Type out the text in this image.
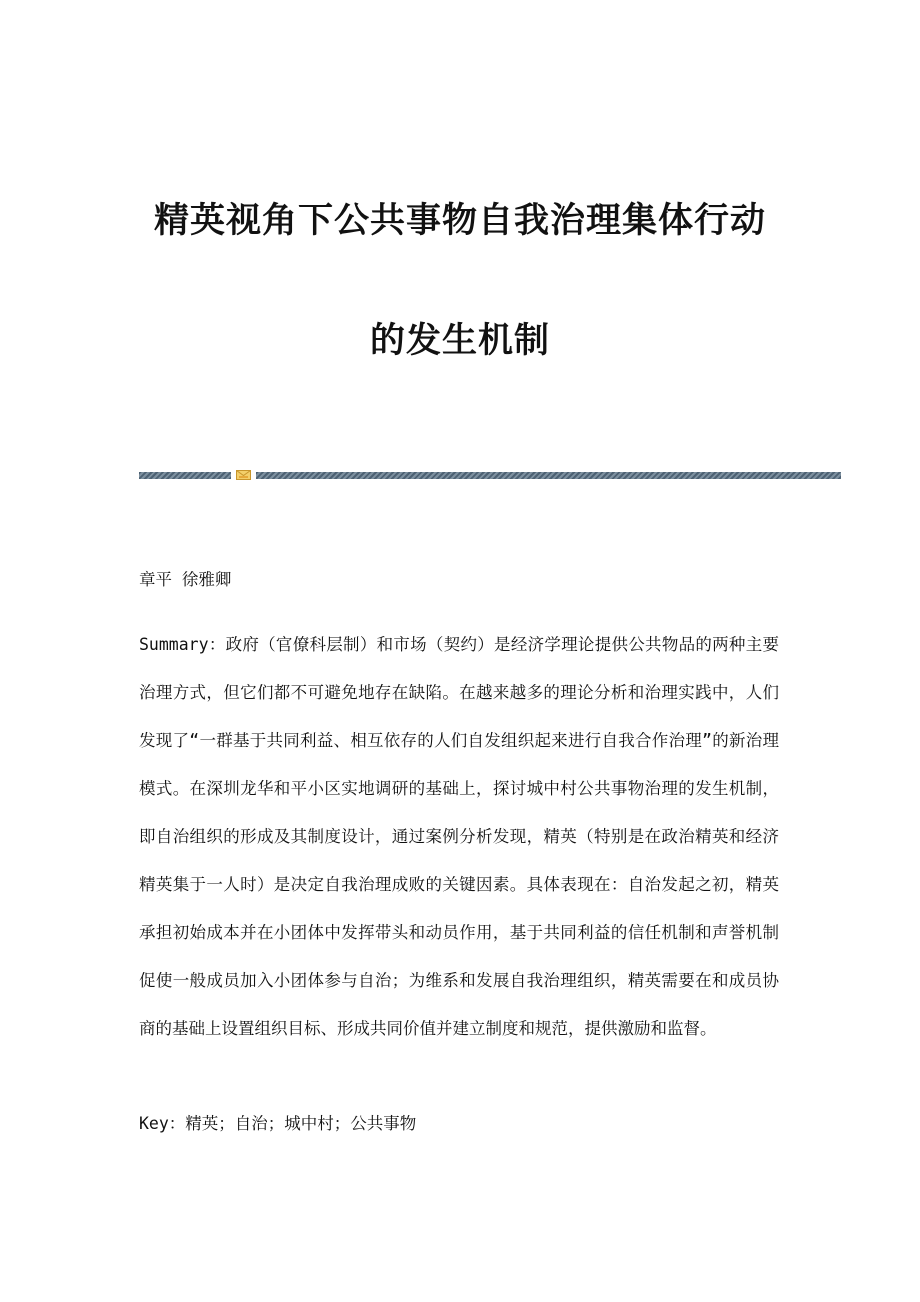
精英视角下公共事物自我治理集体行动
的发生机制
章平 徐雅卿
Summary：政府（官僚科层制）和市场（契约）是经济学理论提供公共物品的两种主要治理方式，但它们都不可避免地存在缺陷。在越来越多的理论分析和治理实践中，人们发现了“一群基于共同利益、相互依存的人们自发组织起来进行自我合作治理”的新治理模式。在深圳龙华和平小区实地调研的基础上，探讨城中村公共事物治理的发生机制，即自治组织的形成及其制度设计，通过案例分析发现，精英（特别是在政治精英和经济精英集于一人时）是决定自我治理成败的关键因素。具体表现在：自治发起之初，精英承担初始成本并在小团体中发挥带头和动员作用，基于共同利益的信任机制和声誉机制促使一般成员加入小团体参与自治；为维系和发展自我治理组织，精英需要在和成员协商的基础上设置组织目标、形成共同价值并建立制度和规范，提供激励和监督。
Key：精英；自治；城中村；公共事物
